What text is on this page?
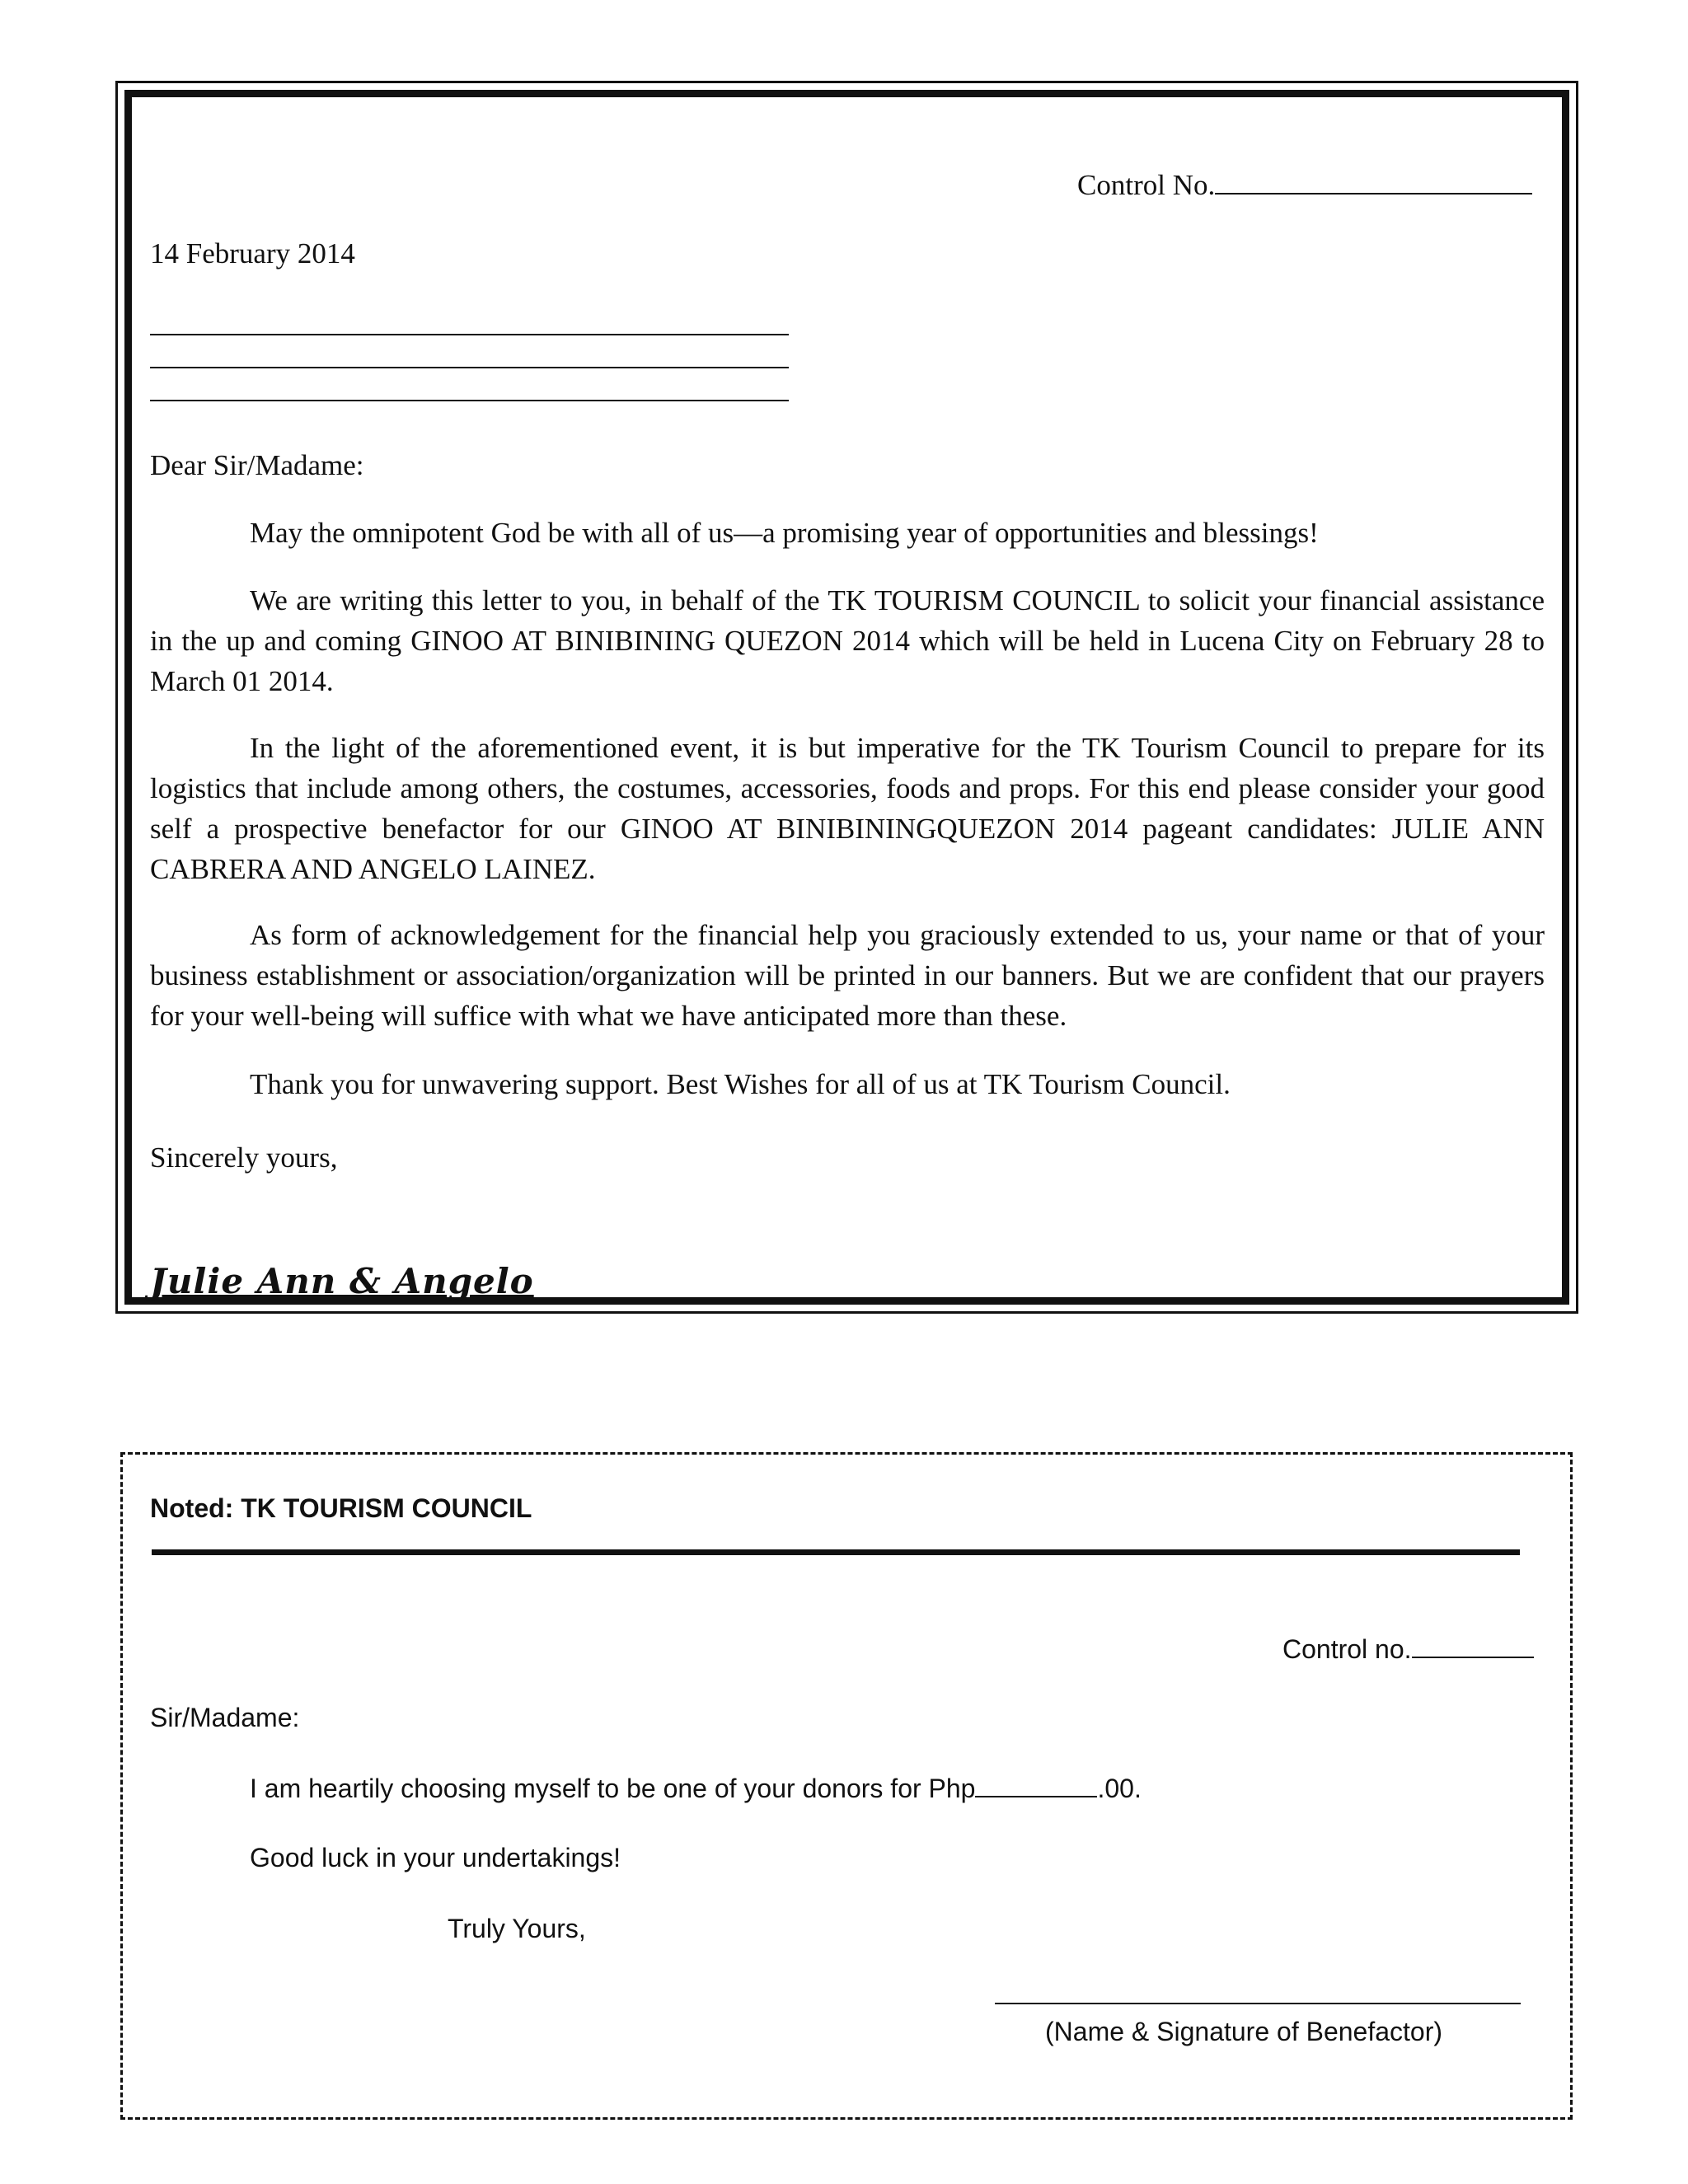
Control No.
14 February 2014
Dear Sir/Madame:

May the omnipotent God be with all of us—a promising year of opportunities and blessings!

We are writing this letter to you, in behalf of the TK TOURISM COUNCIL to solicit your financial assistance in the up and coming GINOO AT BINIBINING QUEZON 2014 which will be held in Lucena City on February 28 to March 01 2014.

In the light of the aforementioned event, it is but imperative for the TK Tourism Council to prepare for its logistics that include among others, the costumes, accessories, foods and props. For this end please consider your good self a prospective benefactor for our GINOO AT BINIBININGQUEZON 2014 pageant candidates: JULIE ANN CABRERA AND ANGELO LAINEZ.

As form of acknowledgement for the financial help you graciously extended to us, your name or that of your business establishment or association/organization will be printed in our banners. But we are confident that our prayers for your well-being will suffice with what we have anticipated more than these.

Thank you for unwavering support. Best Wishes for all of us at TK Tourism Council.

Sincerely yours,
Julie Ann & Angelo
Noted: TK TOURISM COUNCIL
Control no.
Sir/Madame:
I am heartily choosing myself to be one of your donors for Php	.00.
Good luck in your undertakings!
Truly Yours,
(Name & Signature of Benefactor)
